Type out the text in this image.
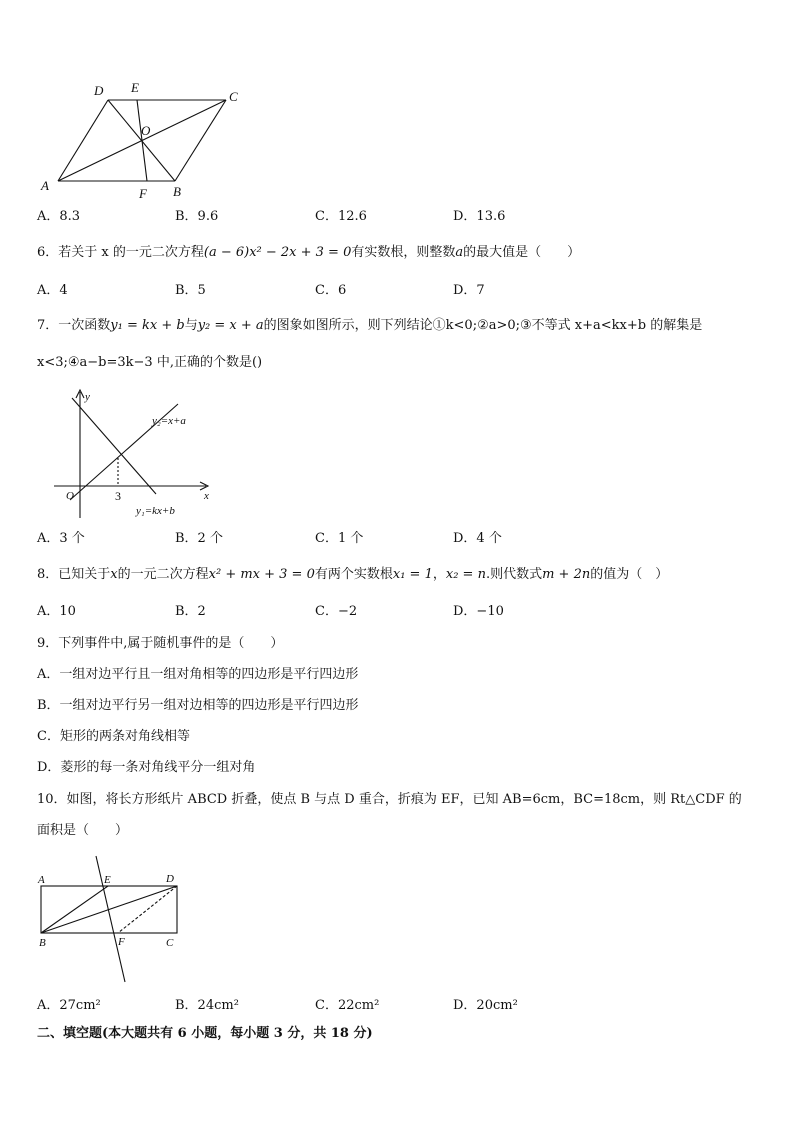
A
D E
C
O
F B
A．8.3	B．9.6	C．12.6	D．13.6
6．若关于 x 的一元二次方程(a − 6)x² − 2x + 3 = 0有实数根，则整数a的最大值是（　　）
A．4	B．5	C．6	D．7
7．一次函数y₁ = kx + b与y₂ = x + a的图象如图所示，则下列结论①k<0;②a>0;③不等式 x+a<kx+b 的解集是
x<3;④a−b=3k−3 中,正确的个数是()
y
x
O
y₂=x+a
y₁=kx+b
3
A．3 个	B．2 个	C．1 个	D．4 个
8．已知关于x的一元二次方程x² + mx + 3 = 0有两个实数根x₁ = 1，x₂ = n.则代数式m + 2n的值为（　）
A．10	B．2	C．−2	D．−10
9．下列事件中,属于随机事件的是（　　）
A．一组对边平行且一组对角相等的四边形是平行四边形
B．一组对边平行另一组对边相等的四边形是平行四边形
C．矩形的两条对角线相等
D．菱形的每一条对角线平分一组对角
10．如图，将长方形纸片 ABCD 折叠，使点 B 与点 D 重合，折痕为 EF，已知 AB=6cm，BC=18cm，则 Rt△CDF 的
面积是（　　）
A	E	D
B	F	C
A．27cm²	B．24cm²	C．22cm²	D．20cm²
二、填空题(本大题共有 6 小题，每小题 3 分，共 18 分)
